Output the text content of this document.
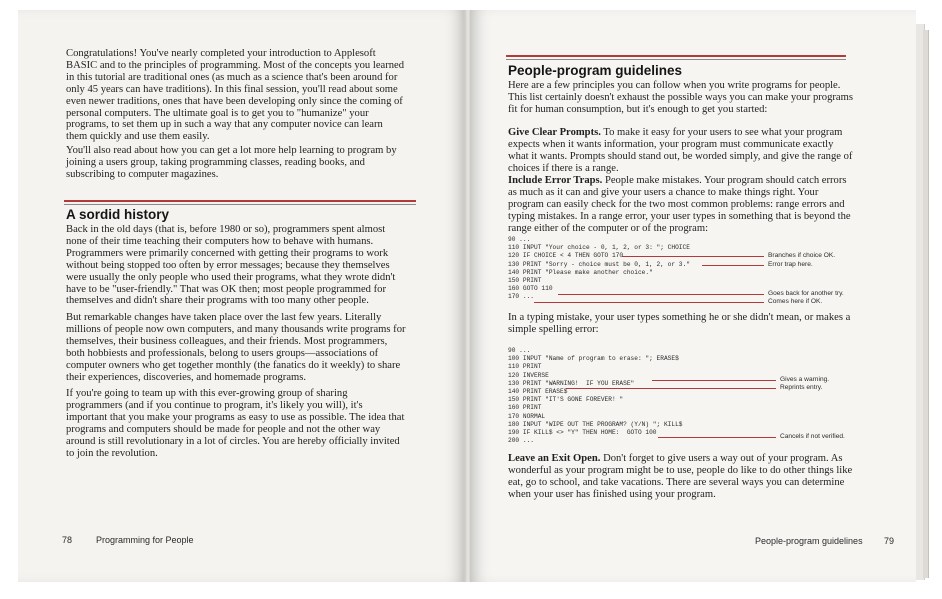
Congratulations! You've nearly completed your introduction to Applesoft BASIC and to the principles of programming. Most of the concepts you learned in this tutorial are traditional ones (as much as a science that's been around for only 45 years can have traditions). In this final session, you'll read about some even newer traditions, ones that have been developing only since the coming of personal computers. The ultimate goal is to get you to "humanize" your programs, to set them up in such a way that any computer novice can learn them quickly and use them easily.

You'll also read about how you can get a lot more help learning to program by joining a users group, taking programming classes, reading books, and subscribing to computer magazines.

A sordid history

Back in the old days (that is, before 1980 or so), programmers spent almost none of their time teaching their computers how to behave with humans. Programmers were primarily concerned with getting their programs to work without being stopped too often by error messages; because they themselves were usually the only people who used their programs, what they wrote didn't have to be "user-friendly." That was OK then; most people programmed for themselves and didn't share their programs with too many other people.

But remarkable changes have taken place over the last few years. Literally millions of people now own computers, and many thousands write programs for themselves, their business colleagues, and their friends. Most programmers, both hobbiests and professionals, belong to users groups—associations of computer owners who get together monthly (the fanatics do it weekly) to share their experiences, discoveries, and homemade programs.

If you're going to team up with this ever-growing group of sharing programmers (and if you continue to program, it's likely you will), it's important that you make your programs as easy to use as possible. The idea that programs and computers should be made for people and not the other way around is still revolutionary in a lot of circles. You are hereby officially invited to join the revolution.

78	Programming for People
People-program guidelines

Here are a few principles you can follow when you write programs for people. This list certainly doesn't exhaust the possible ways you can make your programs fit for human consumption, but it's enough to get you started:

Give Clear Prompts. To make it easy for your users to see what your program expects when it wants information, your program must communicate exactly what it wants. Prompts should stand out, be worded simply, and give the range of choices if there is a range.

Include Error Traps. People make mistakes. Your program should catch errors as much as it can and give your users a chance to make things right. Your program can easily check for the two most common problems: range errors and typing mistakes. In a range error, your user types in something that is beyond the range either of the computer or of the program:

90 ...
110 INPUT "Your choice - 0, 1, 2, or 3: "; CHOICE
120 IF CHOICE < 4 THEN GOTO 170
130 PRINT "Sorry - choice must be 0, 1, 2, or 3."
140 PRINT "Please make another choice."
150 PRINT
160 GOTO 110
170 ...
Branches if choice OK.
Error trap here.
Goes back for another try.
Comes here if OK.

In a typing mistake, your user types something he or she didn't mean, or makes a simple spelling error:

90 ...
100 INPUT "Name of program to erase: "; ERASE$
110 PRINT
120 INVERSE
130 PRINT "WARNING!  IF YOU ERASE"
140 PRINT ERASE$
150 PRINT "IT'S GONE FOREVER! "
160 PRINT
170 NORMAL
180 INPUT "WIPE OUT THE PROGRAM? (Y/N) "; KILL$
190 IF KILL$ <> "Y" THEN HOME:  GOTO 100
200 ...
Gives a warning.
Reprints entry.
Cancels if not verified.

Leave an Exit Open. Don't forget to give users a way out of your program. As wonderful as your program might be to use, people do like to do other things like eat, go to school, and take vacations. There are several ways you can determine when your user has finished using your program.

People-program guidelines 79
